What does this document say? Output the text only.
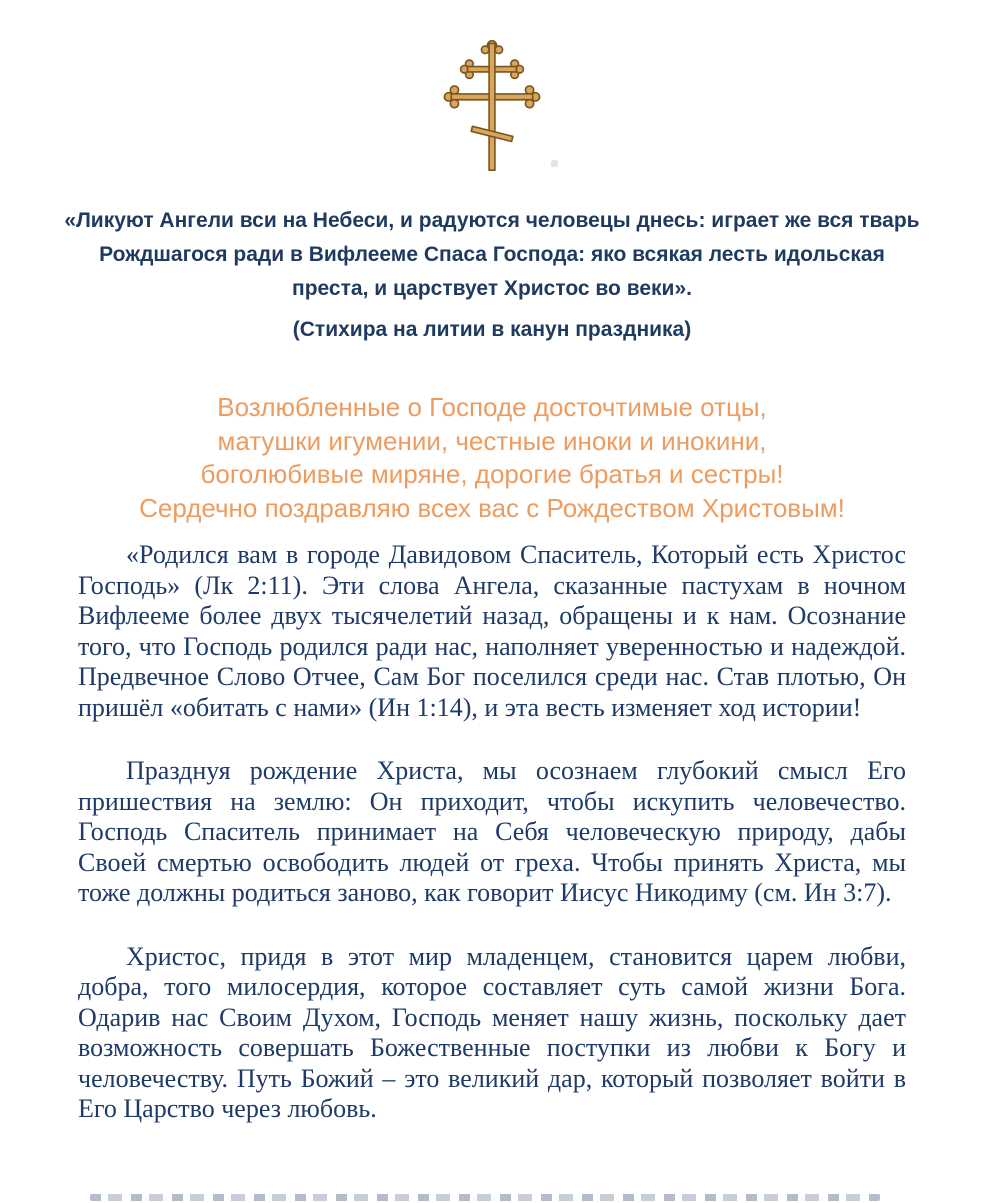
«Ликуют Ангели вси на Небеси, и радуются человецы днесь: играет же вся тварь
Рождшагося ради в Вифлееме Спаса Господа: яко всякая лесть идольская
преста, и царствует Христос во веки».
(Стихира на литии в канун праздника)
Возлюбленные о Господе досточтимые отцы,
матушки игумении, честные иноки и инокини,
боголюбивые миряне, дорогие братья и сестры!
Сердечно поздравляю всех вас с Рождеством Христовым!

«Родился вам в городе Давидовом Спаситель, Который есть Христос Господь» (Лк 2:11). Эти слова Ангела, сказанные пастухам в ночном Вифлееме более двух тысячелетий назад, обращены и к нам. Осознание того, что Господь родился ради нас, наполняет уверенностью и надеждой. Предвечное Слово Отчее, Сам Бог поселился среди нас. Став плотью, Он пришёл «обитать с нами» (Ин 1:14), и эта весть изменяет ход истории!

Празднуя рождение Христа, мы осознаем глубокий смысл Его пришествия на землю: Он приходит, чтобы искупить человечество. Господь Спаситель принимает на Себя человеческую природу, дабы Своей смертью освободить людей от греха. Чтобы принять Христа, мы тоже должны родиться заново, как говорит Иисус Никодиму (см. Ин 3:7).

Христос, придя в этот мир младенцем, становится царем любви, добра, того милосердия, которое составляет суть самой жизни Бога. Одарив нас Своим Духом, Господь меняет нашу жизнь, поскольку дает возможность совершать Божественные поступки из любви к Богу и человечеству. Путь Божий – это великий дар, который позволяет войти в Его Царство через любовь.
